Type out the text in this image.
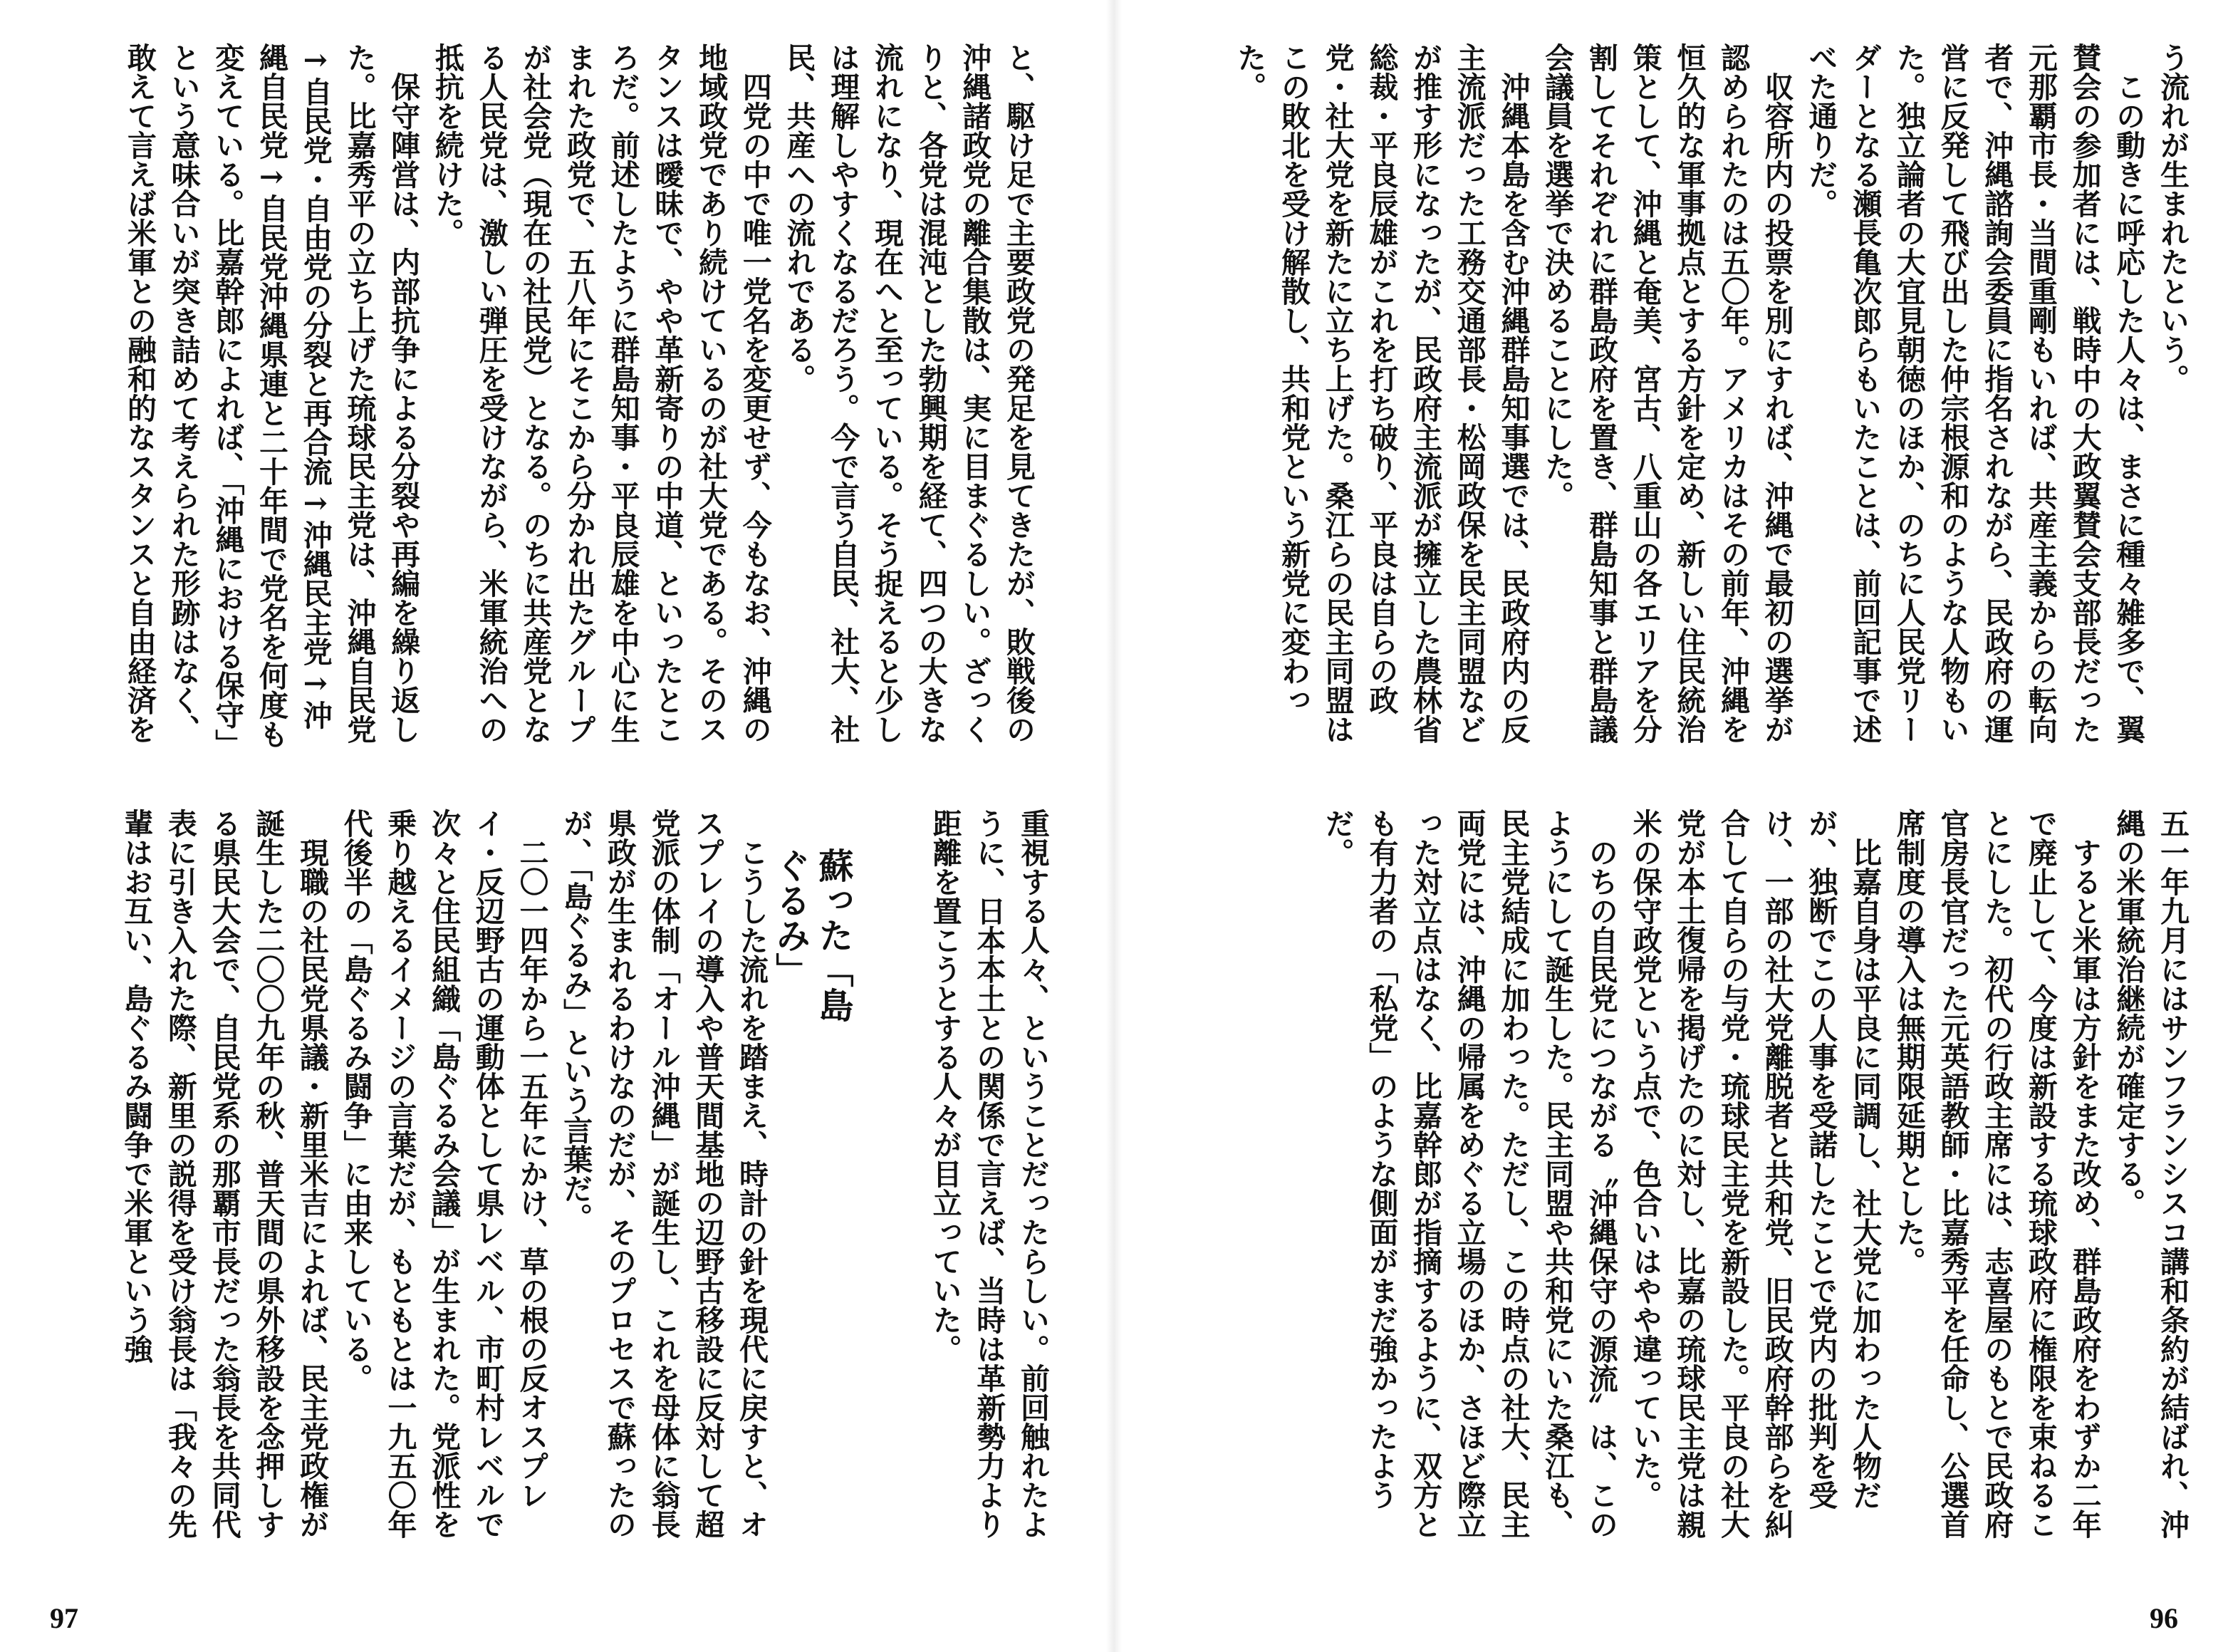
と、駆け足で主要政党の発足を見てきたが、敗戦後の沖縄諸政党の離合集散は、実に目まぐるしい。ざっくりと、各党は混沌とした勃興期を経て、四つの大きな流れになり、現在へと至っている。そう捉えると少しは理解しやすくなるだろう。今で言う自民、社大、社民、共産への流れである。

四党の中で唯一党名を変更せず、今もなお、沖縄の地域政党であり続けているのが社大党である。そのスタンスは曖昧で、やや革新寄りの中道、といったところだ。前述したように群島知事・平良辰雄を中心に生まれた政党で、五八年にそこから分かれ出たグループが社会党（現在の社民党）となる。のちに共産党となる人民党は、激しい弾圧を受けながら、米軍統治への抵抗を続けた。

保守陣営は、内部抗争による分裂や再編を繰り返した。比嘉秀平の立ち上げた琉球民主党は、沖縄自民党→自民党・自由党の分裂と再合流→沖縄民主党→沖縄自民党→自民党沖縄県連と二十年間で党名を何度も変えている。比嘉幹郎によれば、「沖縄における保守」という意味合いが突き詰めて考えられた形跡はなく、敢えて言えば米軍との融和的なスタンスと自由経済を

重視する人々、ということだったらしい。前回触れたように、日本本土との関係で言えば、当時は革新勢力より距離を置こうとする人々が目立っていた。

蘇った「島ぐるみ」

こうした流れを踏まえ、時計の針を現代に戻すと、オスプレイの導入や普天間基地の辺野古移設に反対して超党派の体制「オール沖縄」が誕生し、これを母体に翁長県政が生まれるわけなのだが、そのプロセスで蘇ったのが、「島ぐるみ」という言葉だ。

二〇一四年から一五年にかけ、草の根の反オスプレイ・反辺野古の運動体として県レベル、市町村レベルで次々と住民組織「島ぐるみ会議」が生まれた。党派性を乗り越えるイメージの言葉だが、もともとは一九五〇年代後半の「島ぐるみ闘争」に由来している。

現職の社民党県議・新里米吉によれば、民主党政権が誕生した二〇〇九年の秋、普天間の県外移設を念押しする県民大会で、自民党系の那覇市長だった翁長を共同代表に引き入れた際、新里の説得を受け翁長は「我々の先輩はお互い、島ぐるみ闘争で米軍という強

97

う流れが生まれたという。

この動きに呼応した人々は、まさに種々雑多で、翼賛会の参加者には、戦時中の大政翼賛会支部長だった元那覇市長・当間重剛もいれば、共産主義からの転向者で、沖縄諮詢会委員に指名されながら、民政府の運営に反発して飛び出した仲宗根源和のような人物もいた。独立論者の大宜見朝徳のほか、のちに人民党リーダーとなる瀬長亀次郎らもいたことは、前回記事で述べた通りだ。

収容所内の投票を別にすれば、沖縄で最初の選挙が認められたのは五〇年。アメリカはその前年、沖縄を恒久的な軍事拠点とする方針を定め、新しい住民統治策として、沖縄と奄美、宮古、八重山の各エリアを分割してそれぞれに群島政府を置き、群島知事と群島議会議員を選挙で決めることにした。

沖縄本島を含む沖縄群島知事選では、民政府内の反主流派だった工務交通部長・松岡政保を民主同盟などが推す形になったが、民政府主流派が擁立した農林省総裁・平良辰雄がこれを打ち破り、平良は自らの政党・社大党を新たに立ち上げた。桑江らの民主同盟はこの敗北を受け解散し、共和党という新党に変わった。

五一年九月にはサンフランシスコ講和条約が結ばれ、沖縄の米軍統治継続が確定する。

すると米軍は方針をまた改め、群島政府をわずか二年で廃止して、今度は新設する琉球政府に権限を束ねることにした。初代の行政主席には、志喜屋のもとで民政府官房長官だった元英語教師・比嘉秀平を任命し、公選首席制度の導入は無期限延期とした。

比嘉自身は平良に同調し、社大党に加わった人物だが、独断でこの人事を受諾したことで党内の批判を受け、一部の社大党離脱者と共和党、旧民政府幹部らを糾合して自らの与党・琉球民主党を新設した。平良の社大党が本土復帰を掲げたのに対し、比嘉の琉球民主党は親米の保守政党という点で、色合いはやや違っていた。

のちの自民党につながる〝沖縄保守の源流〟は、このようにして誕生した。民主同盟や共和党にいた桑江も、民主党結成に加わった。ただし、この時点の社大、民主両党には、沖縄の帰属をめぐる立場のほか、さほど際立った対立点はなく、比嘉幹郎が指摘するように、双方とも有力者の「私党」のような側面がまだ強かったようだ。

96
